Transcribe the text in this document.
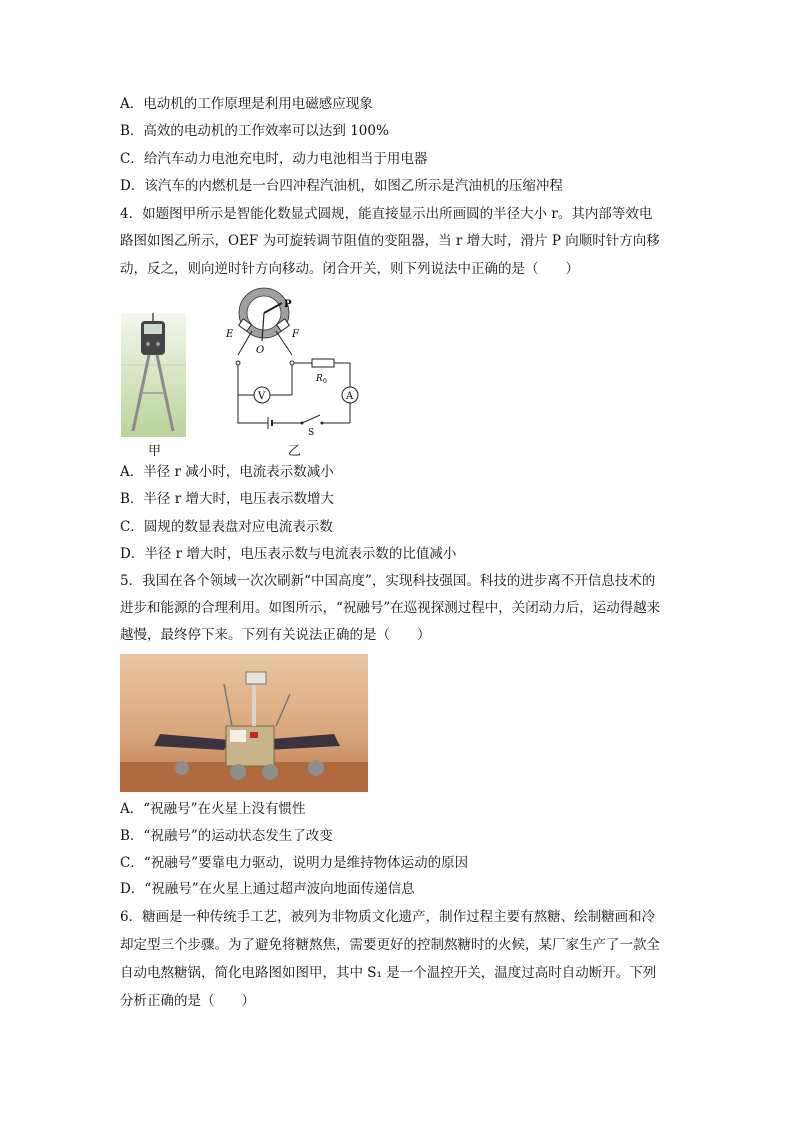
A．电动机的工作原理是利用电磁感应现象
B．高效的电动机的工作效率可以达到 100%
C．给汽车动力电池充电时，动力电池相当于用电器
D．该汽车的内燃机是一台四冲程汽油机，如图乙所示是汽油机的压缩冲程
4．如题图甲所示是智能化数显式圆规，能直接显示出所画圆的半径大小 r。其内部等效电
路图如图乙所示，OEF 为可旋转调节阻值的变阻器，当 r 增大时，滑片 P 向顺时针方向移
动，反之，则向逆时针方向移动。闭合开关，则下列说法中正确的是（　　）
甲
P
E
O
F
R 0
A
V
S
乙
A．半径 r 减小时，电流表示数减小
B．半径 r 增大时，电压表示数增大
C．圆规的数显表盘对应电流表示数
D．半径 r 增大时，电压表示数与电流表示数的比值减小
5．我国在各个领域一次次刷新“中国高度”，实现科技强国。科技的进步离不开信息技术的
进步和能源的合理利用。如图所示，“祝融号”在巡视探测过程中，关闭动力后，运动得越来
越慢，最终停下来。下列有关说法正确的是（　　）
A．“祝融号”在火星上没有惯性
B．“祝融号”的运动状态发生了改变
C．“祝融号”要靠电力驱动，说明力是维持物体运动的原因
D．“祝融号”在火星上通过超声波向地面传递信息
6．糖画是一种传统手工艺，被列为非物质文化遗产，制作过程主要有熬糖、绘制糖画和冷
却定型三个步骤。为了避免将糖熬焦，需要更好的控制熬糖时的火候，某厂家生产了一款全
自动电熬糖锅，简化电路图如图甲，其中 S₁ 是一个温控开关，温度过高时自动断开。下列
分析正确的是（　　）
